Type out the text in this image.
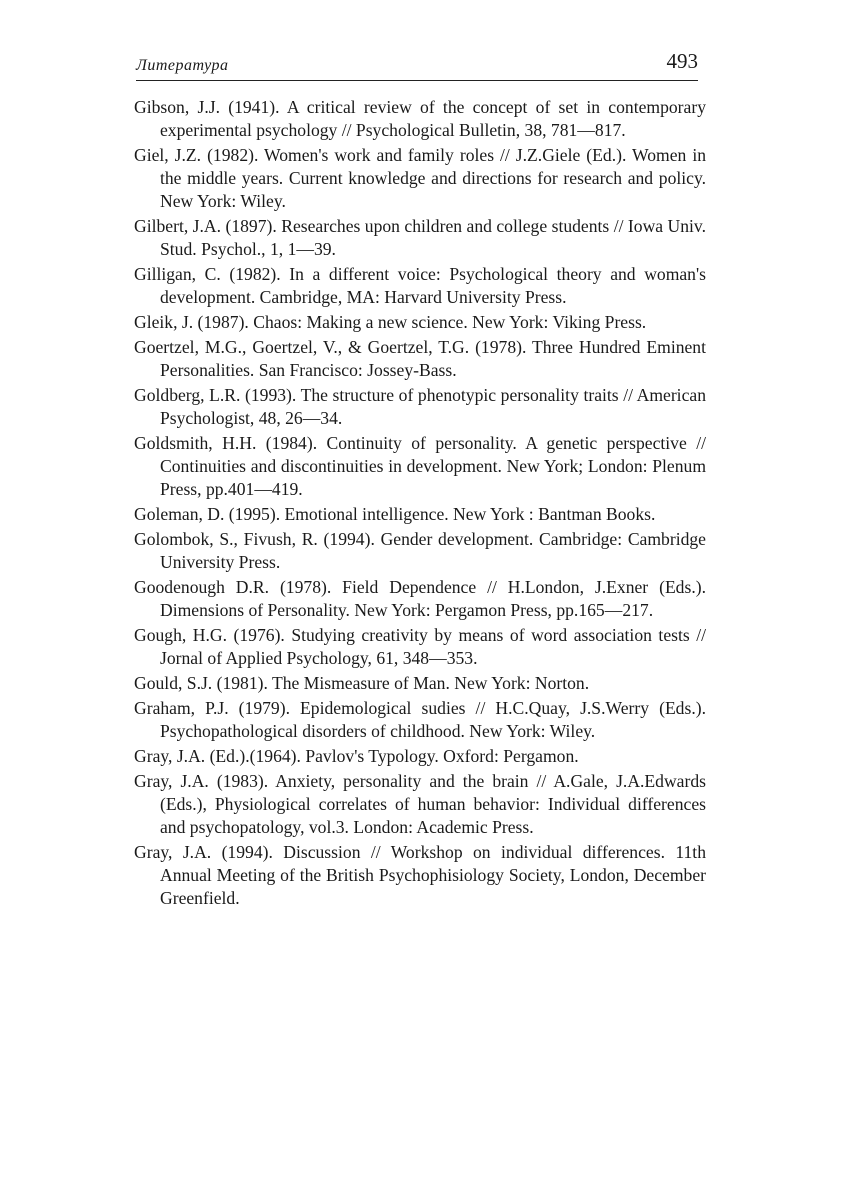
Литература	493
Gibson, J.J. (1941). A critical review of the concept of set in contemporary experimental psychology // Psychological Bulletin, 38, 781—817.
Giel, J.Z. (1982). Women's work and family roles // J.Z.Giele (Ed.). Women in the middle years. Current knowledge and directions for research and policy. New York: Wiley.
Gilbert, J.A. (1897). Researches upon children and college students // Iowa Univ. Stud. Psychol., 1, 1—39.
Gilligan, C. (1982). In a different voice: Psychological theory and woman's development. Cambridge, MA: Harvard University Press.
Gleik, J. (1987). Chaos: Making a new science. New York: Viking Press.
Goertzel, M.G., Goertzel, V., & Goertzel, T.G. (1978). Three Hundred Eminent Personalities. San Francisco: Jossey-Bass.
Goldberg, L.R. (1993). The structure of phenotypic personality traits // American Psychologist, 48, 26—34.
Goldsmith, H.H. (1984). Continuity of personality. A genetic perspective // Continuities and discontinuities in development. New York; London: Plenum Press, pp.401—419.
Goleman, D. (1995). Emotional intelligence. New York : Bantman Books.
Golombok, S., Fivush, R. (1994). Gender development. Cambridge: Cambridge University Press.
Goodenough D.R. (1978). Field Dependence // H.London, J.Exner (Eds.). Dimensions of Personality. New York: Pergamon Press, pp.165—217.
Gough, H.G. (1976). Studying creativity by means of word association tests // Jornal of Applied Psychology, 61, 348—353.
Gould, S.J. (1981). The Mismeasure of Man. New York: Norton.
Graham, P.J. (1979). Epidemological sudies // H.C.Quay, J.S.Werry (Eds.). Psychopathological disorders of childhood. New York: Wiley.
Gray, J.A. (Ed.).(1964). Pavlov's Typology. Oxford: Pergamon.
Gray, J.A. (1983). Anxiety, personality and the brain // A.Gale, J.A.Edwards (Eds.), Physiological correlates of human behavior: Individual differences and psychopatology, vol.3. London: Academic Press.
Gray, J.A. (1994). Discussion // Workshop on individual differences. 11th Annual Meeting of the British Psychophisiology Society, London, December Greenfield.
